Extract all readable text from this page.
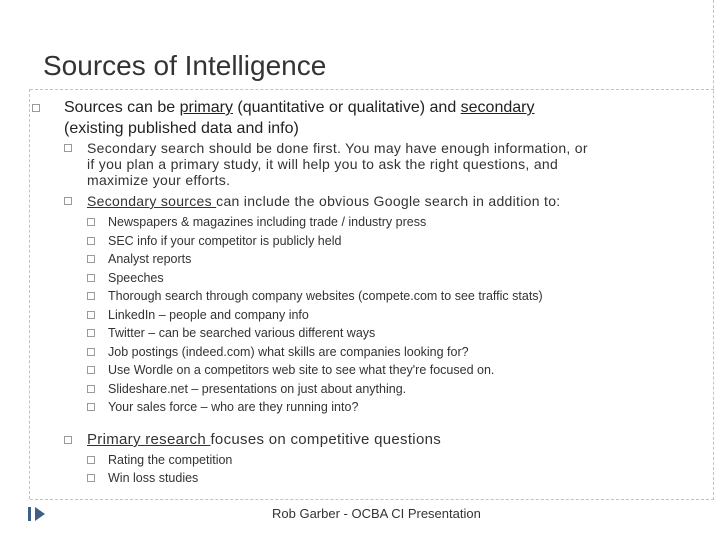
Sources of Intelligence
Sources can be primary (quantitative or qualitative) and secondary
(existing published data and info)
Secondary search should be done first. You may have enough information, or
if you plan a primary study, it will help you to ask the right questions, and
maximize your efforts.
Secondary sources can include the obvious Google search in addition to:
Newspapers & magazines including trade / industry press
SEC info if your competitor is publicly held
Analyst reports
Speeches
Thorough search through company websites (compete.com to see traffic stats)
LinkedIn – people and company info
Twitter – can be searched various different ways
Job postings (indeed.com) what skills are companies looking for?
Use Wordle on a competitors web site to see what they're focused on.
Slideshare.net – presentations on just about anything.
Your sales force – who are they running into?
Primary research focuses on competitive questions
Rating the competition
Win loss studies
Rob Garber - OCBA CI Presentation
